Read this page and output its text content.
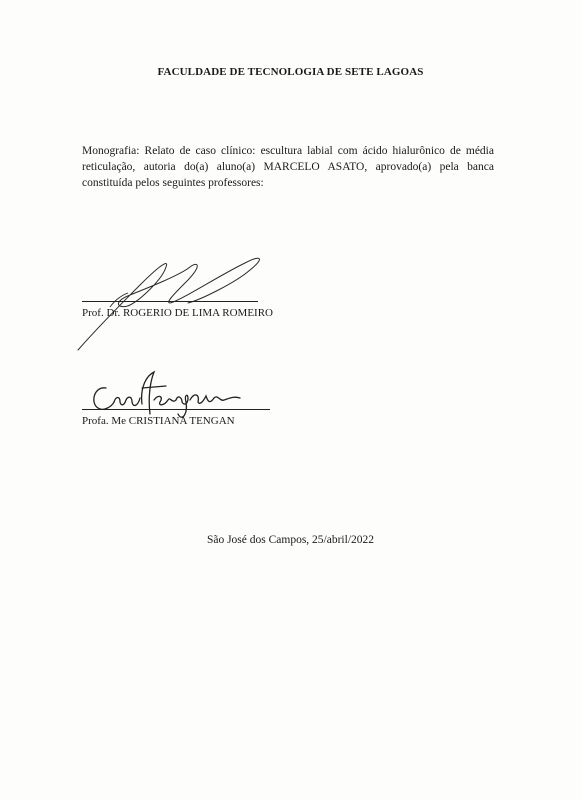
FACULDADE DE TECNOLOGIA DE SETE LAGOAS
Monografia: Relato de caso clínico: escultura labial com ácido hialurônico de média reticulação, autoria do(a) aluno(a) MARCELO ASATO, aprovado(a) pela banca constituída pelos seguintes professores:
Prof. Dr. ROGERIO DE LIMA ROMEIRO
Profa. Me CRISTIANA TENGAN
São José dos Campos, 25/abril/2022
